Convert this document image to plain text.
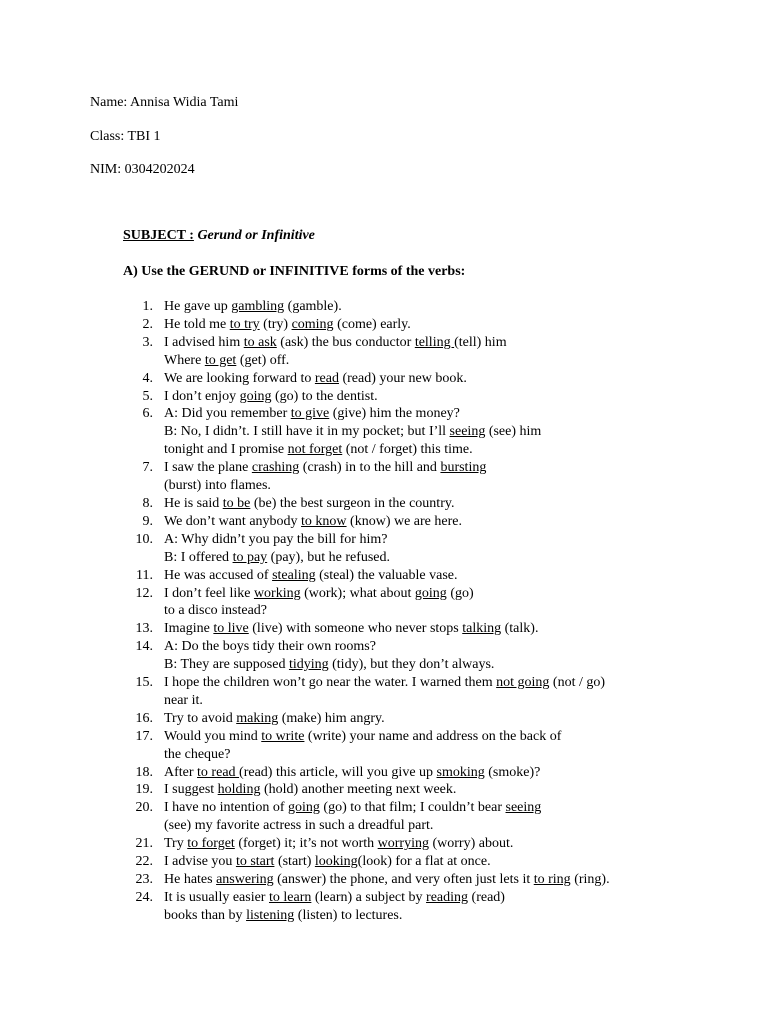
Name: Annisa Widia Tami
Class: TBI 1
NIM: 0304202024
SUBJECT : Gerund or Infinitive
A) Use the GERUND or INFINITIVE forms of the verbs:
1. He gave up gambling (gamble).
2. He told me to try (try) coming (come) early.
3. I advised him to ask (ask) the bus conductor telling (tell) him
Where to get (get) off.
4. We are looking forward to read (read) your new book.
5. I don’t enjoy going (go) to the dentist.
6. A: Did you remember to give (give) him the money?
B: No, I didn’t. I still have it in my pocket; but I’ll seeing (see) him
tonight and I promise not forget (not / forget) this time.
7. I saw the plane crashing (crash) in to the hill and bursting
(burst) into flames.
8. He is said to be (be) the best surgeon in the country.
9. We don’t want anybody to know (know) we are here.
10. A: Why didn’t you pay the bill for him?
B: I offered to pay (pay), but he refused.
11. He was accused of stealing (steal) the valuable vase.
12. I don’t feel like working (work); what about going (go)
to a disco instead?
13. Imagine to live (live) with someone who never stops talking (talk).
14. A: Do the boys tidy their own rooms?
B: They are supposed tidying (tidy), but they don’t always.
15. I hope the children won’t go near the water. I warned them not going (not / go)
near it.
16. Try to avoid making (make) him angry.
17. Would you mind to write (write) your name and address on the back of
the cheque?
18. After to read (read) this article, will you give up smoking (smoke)?
19. I suggest holding (hold) another meeting next week.
20. I have no intention of going (go) to that film; I couldn’t bear seeing
(see) my favorite actress in such a dreadful part.
21. Try to forget (forget) it; it’s not worth worrying (worry) about.
22. I advise you to start (start) looking(look) for a flat at once.
23. He hates answering (answer) the phone, and very often just lets it to ring (ring).
24. It is usually easier to learn (learn) a subject by reading (read)
books than by listening (listen) to lectures.
